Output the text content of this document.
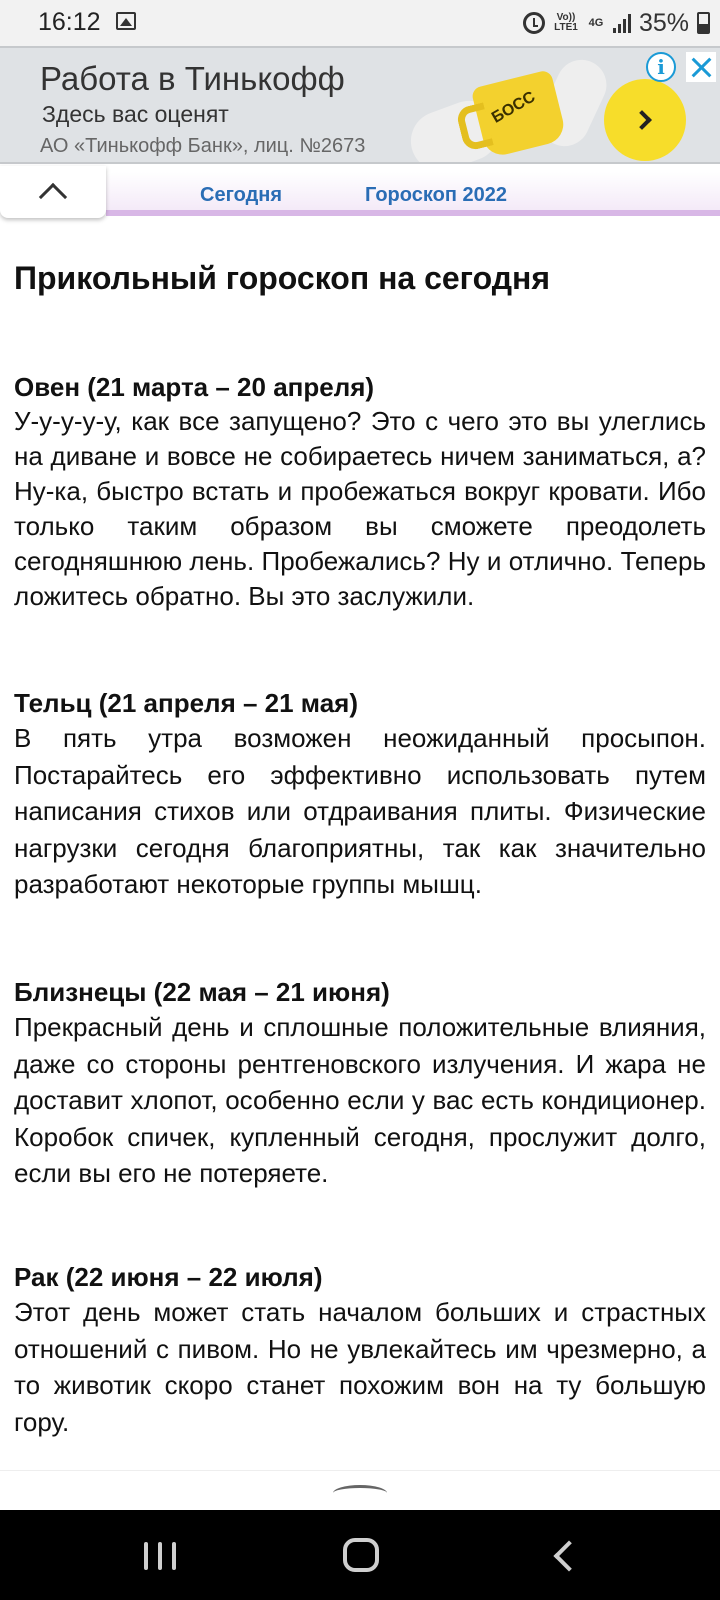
16:12	Vo)) LTE1 4G 35%
Работа в Тинькофф
Здесь вас оценят
АО «Тинькофф Банк», лиц. №2673
БОСС
i
Сегодня	Гороскоп 2022
Прикольный гороскоп на сегодня
Овен (21 марта – 20 апреля)
У-у-у-у-у, как все запущено? Это с чего это вы улеглись на диване и вовсе не собираетесь ничем заниматься, а? Ну-ка, быстро встать и пробежаться вокруг кровати. Ибо только таким образом вы сможете преодолеть сегодняшнюю лень. Пробежались? Ну и отлично. Теперь ложитесь обратно. Вы это заслужили.
Тельц (21 апреля – 21 мая)
В пять утра возможен неожиданный просыпон. Постарайтесь его эффективно использовать путем написания стихов или отдраивания плиты. Физические нагрузки сегодня благоприятны, так как значительно разработают некоторые группы мышц.
Близнецы (22 мая – 21 июня)
Прекрасный день и сплошные положительные влияния, даже со стороны рентгеновского излучения. И жара не доставит хлопот, особенно если у вас есть кондиционер. Коробок спичек, купленный сегодня, прослужит долго, если вы его не потеряете.
Рак (22 июня – 22 июля)
Этот день может стать началом больших и страстных отношений с пивом. Но не увлекайтесь им чрезмерно, а то животик скоро станет похожим вон на ту большую гору.
